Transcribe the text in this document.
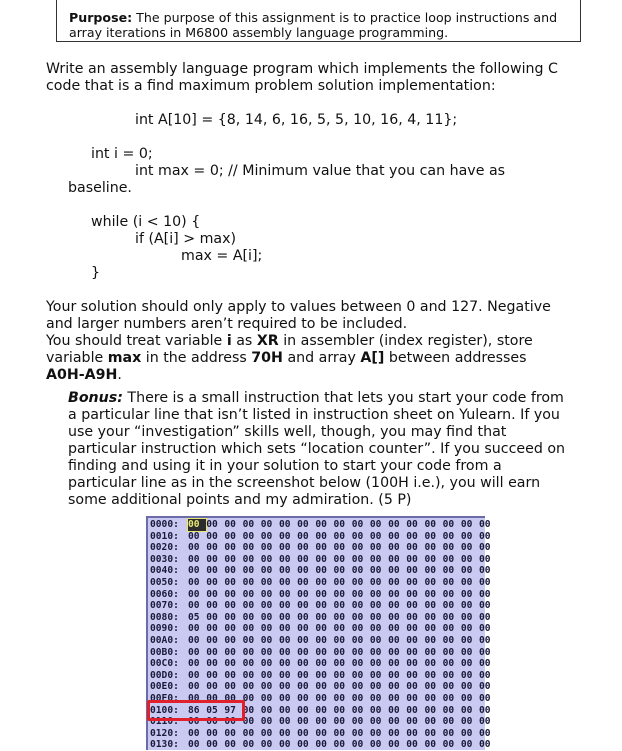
Purpose: The purpose of this assignment is to practice loop instructions and array iterations in M6800 assembly language programming.
Write an assembly language program which implements the following C code that is a find maximum problem solution implementation:
int A[10] = {8, 14, 6, 16, 5, 5, 10, 16, 4, 11};
int i = 0;
int max = 0; // Minimum value that you can have as
baseline.
while (i < 10) {
if (A[i] > max)
max = A[i];
}
Your solution should only apply to values between 0 and 127. Negative
and larger numbers aren’t required to be included.
You should treat variable i as XR in assembler (index register), store
variable max in the address 70H and array A[] between addresses
A0H-A9H.
Bonus: There is a small instruction that lets you start your code from a particular line that isn’t listed in instruction sheet on Yulearn. If you use your “investigation” skills well, though, you may find that particular instruction which sets “location counter”. If you succeed on finding and using it in your solution to start your code from a particular line as in the screenshot below (100H i.e.), you will earn some additional points and my admiration. (5 P)
0000: 00 00 00 00 00 00 00 00 00 00 00 00 00 00 00 00 00
0010: 00 00 00 00 00 00 00 00 00 00 00 00 00 00 00 00 00
0020: 00 00 00 00 00 00 00 00 00 00 00 00 00 00 00 00 00
0030: 00 00 00 00 00 00 00 00 00 00 00 00 00 00 00 00 00
0040: 00 00 00 00 00 00 00 00 00 00 00 00 00 00 00 00 00
0050: 00 00 00 00 00 00 00 00 00 00 00 00 00 00 00 00 00
0060: 00 00 00 00 00 00 00 00 00 00 00 00 00 00 00 00 00
0070: 00 00 00 00 00 00 00 00 00 00 00 00 00 00 00 00 00
0080: 05 00 00 00 00 00 00 00 00 00 00 00 00 00 00 00 00
0090: 00 00 00 00 00 00 00 00 00 00 00 00 00 00 00 00 00
00A0: 00 00 00 00 00 00 00 00 00 00 00 00 00 00 00 00 00
00B0: 00 00 00 00 00 00 00 00 00 00 00 00 00 00 00 00 00
00C0: 00 00 00 00 00 00 00 00 00 00 00 00 00 00 00 00 00
00D0: 00 00 00 00 00 00 00 00 00 00 00 00 00 00 00 00 00
00E0: 00 00 00 00 00 00 00 00 00 00 00 00 00 00 00 00 00
00F0: 00 00 00 00 00 00 00 00 00 00 00 00 00 00 00 00 00
0100: 86 05 97 00 00 00 00 00 00 00 00 00 00 00 00 00 00
0110: 00 00 00 00 00 00 00 00 00 00 00 00 00 00 00 00 00
0120: 00 00 00 00 00 00 00 00 00 00 00 00 00 00 00 00 00
0130: 00 00 00 00 00 00 00 00 00 00 00 00 00 00 00 00 00
